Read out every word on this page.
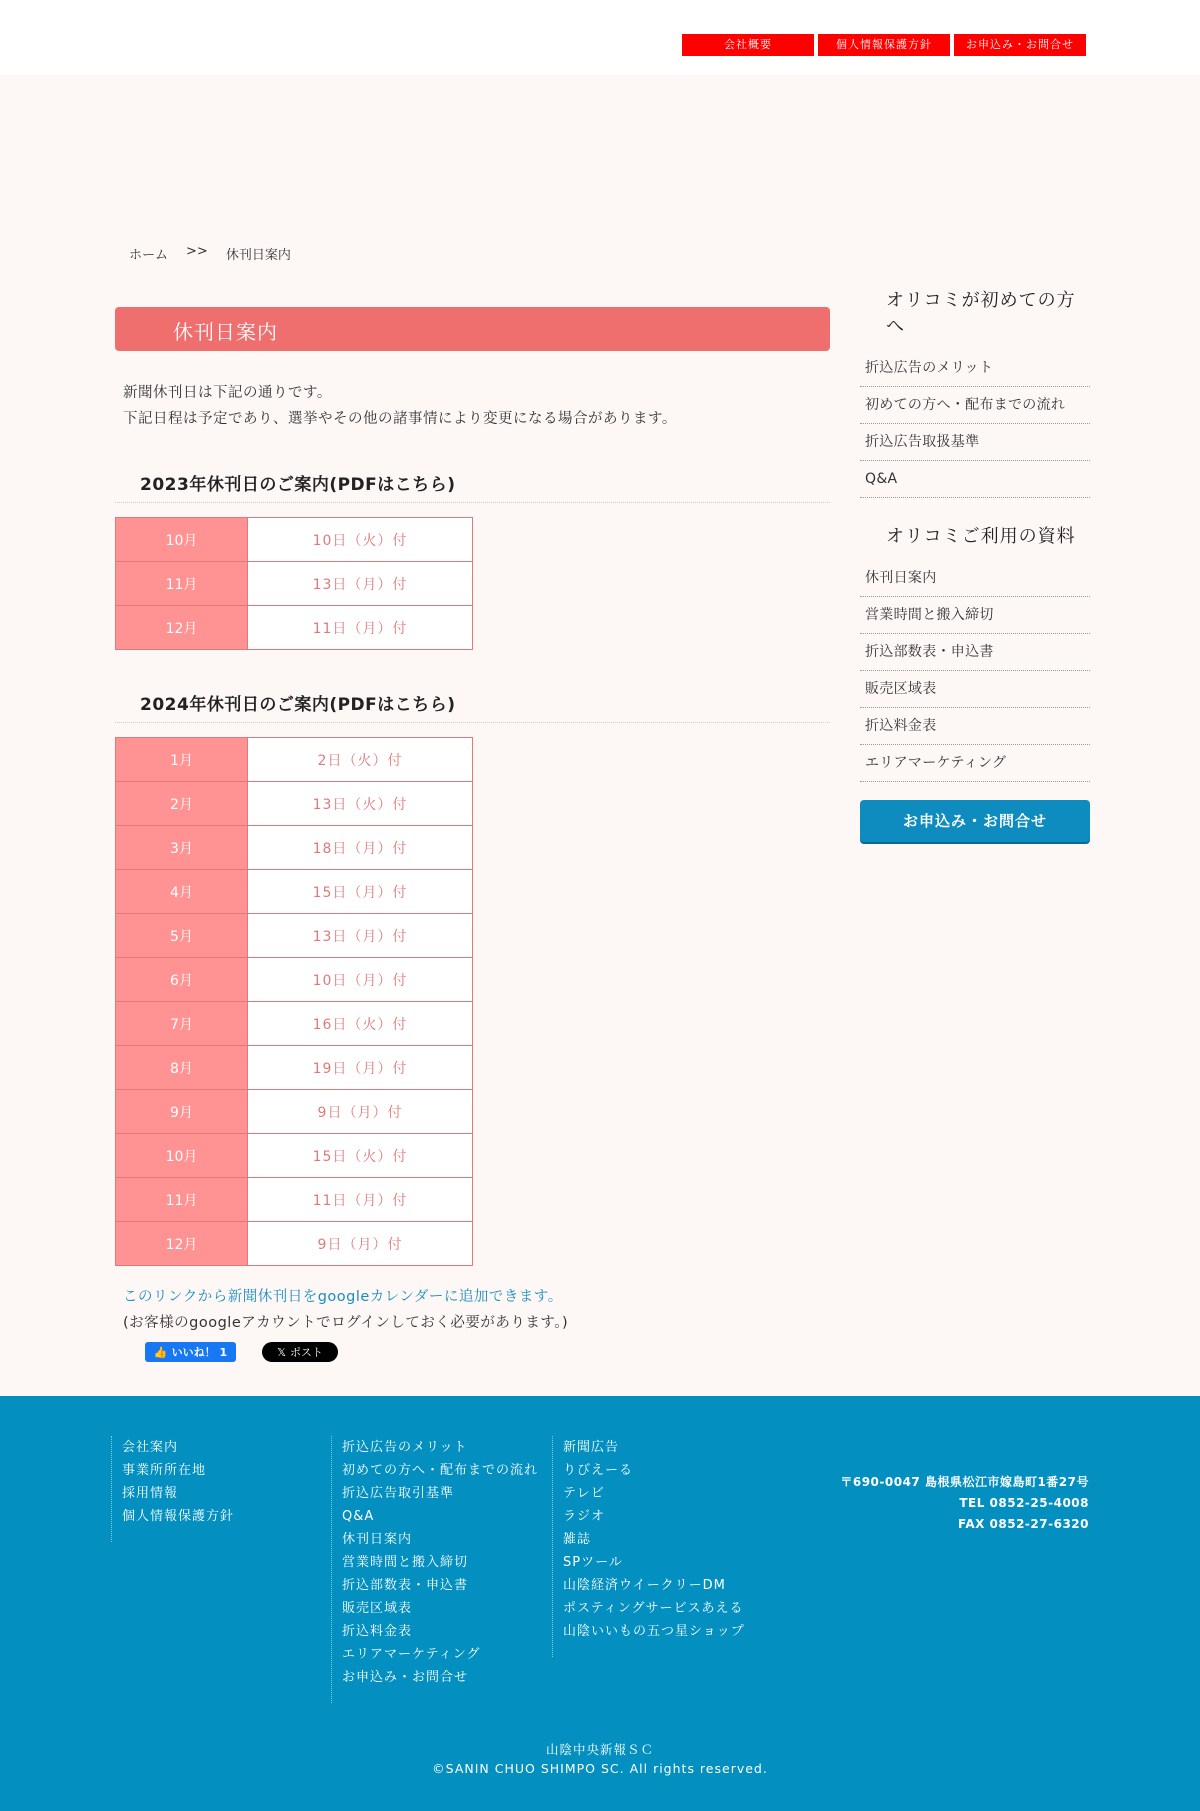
会社概要	個人情報保護方針	お申込み・お問合せ
ホーム >> 休刊日案内
休刊日案内
新聞休刊日は下記の通りです。
下記日程は予定であり、選挙やその他の諸事情により変更になる場合があります。
2023年休刊日のご案内(PDFはこちら)
10月	10日（火）付
11月	13日（月）付
12月	11日（月）付
2024年休刊日のご案内(PDFはこちら)
1月	2日（火）付
2月	13日（火）付
3月	18日（月）付
4月	15日（月）付
5月	13日（月）付
6月	10日（月）付
7月	16日（火）付
8月	19日（月）付
9月	9日（月）付
10月	15日（火）付
11月	11日（月）付
12月	9日（月）付
このリンクから新聞休刊日をgoogleカレンダーに追加できます。
(お客様のgoogleアカウントでログインしておく必要があります。)
👍 いいね！ 1	𝕏 ポスト
オリコミが初めての方へ
折込広告のメリット
初めての方へ・配布までの流れ
折込広告取扱基準
Q&A
オリコミご利用の資料
休刊日案内
営業時間と搬入締切
折込部数表・申込書
販売区域表
折込料金表
エリアマーケティング
お申込み・お問合せ
会社案内
事業所所在地
採用情報
個人情報保護方針
折込広告のメリット
初めての方へ・配布までの流れ
折込広告取引基準
Q&A
休刊日案内
営業時間と搬入締切
折込部数表・申込書
販売区域表
折込料金表
エリアマーケティング
お申込み・お問合せ
新聞広告
りびえーる
テレビ
ラジオ
雑誌
SPツール
山陰経済ウイークリーDM
ポスティングサービスあえる
山陰いいもの五つ星ショップ
〒690-0047 島根県松江市嫁島町1番27号
TEL 0852-25-4008
FAX 0852-27-6320
山陰中央新報ＳＣ
©SANIN CHUO SHIMPO SC. All rights reserved.
